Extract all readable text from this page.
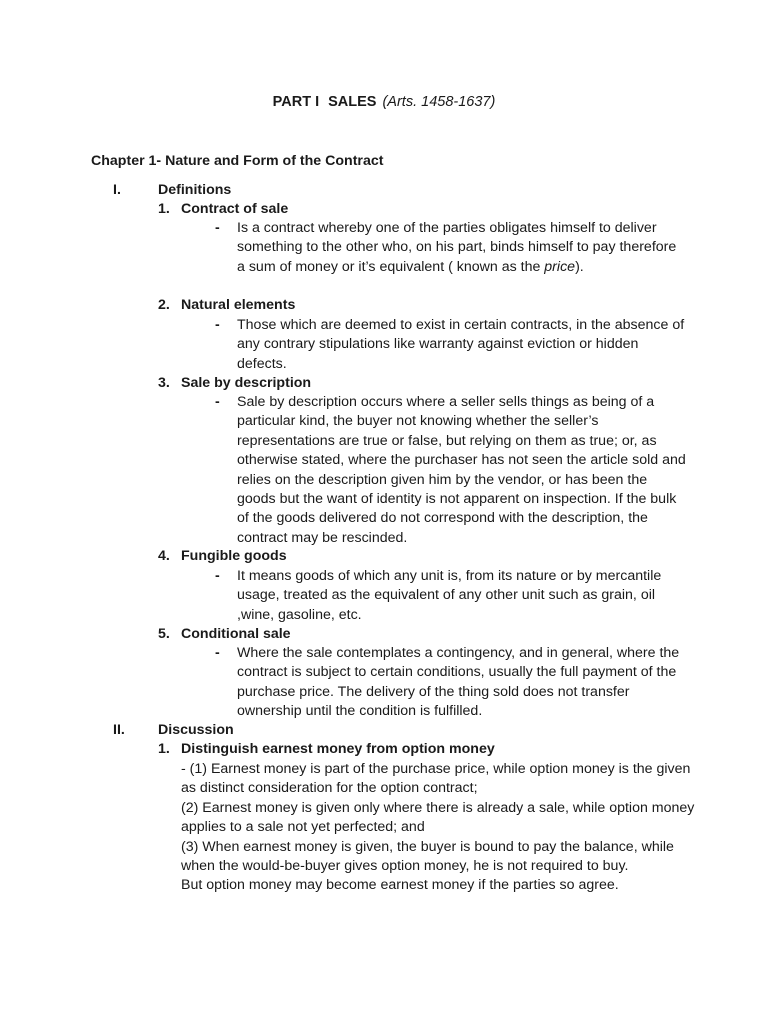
PART I SALES (Arts. 1458-1637)
Chapter 1- Nature and Form of the Contract
I.	Definitions
1. Contract of sale
- Is a contract whereby one of the parties obligates himself to deliver something to the other who, on his part, binds himself to pay therefore a sum of money or it’s equivalent ( known as the price).
2. Natural elements
- Those which are deemed to exist in certain contracts, in the absence of any contrary stipulations like warranty against eviction or hidden defects.
3. Sale by description
- Sale by description occurs where a seller sells things as being of a particular kind, the buyer not knowing whether the seller’s representations are true or false, but relying on them as true; or, as otherwise stated, where the purchaser has not seen the article sold and relies on the description given him by the vendor, or has been the goods but the want of identity is not apparent on inspection. If the bulk of the goods delivered do not correspond with the description, the contract may be rescinded.
4. Fungible goods
- It means goods of which any unit is, from its nature or by mercantile usage, treated as the equivalent of any other unit such as grain, oil ,wine, gasoline, etc.
5. Conditional sale
- Where the sale contemplates a contingency, and in general, where the contract is subject to certain conditions, usually the full payment of the purchase price. The delivery of the thing sold does not transfer ownership until the condition is fulfilled.
II. Discussion
1. Distinguish earnest money from option money

- (1) Earnest money is part of the purchase price, while option money is the given as distinct consideration for the option contract;

(2) Earnest money is given only where there is already a sale, while option money applies to a sale not yet perfected; and

(3) When earnest money is given, the buyer is bound to pay the balance, while when the would-be-buyer gives option money, he is not required to buy.

But option money may become earnest money if the parties so agree.
